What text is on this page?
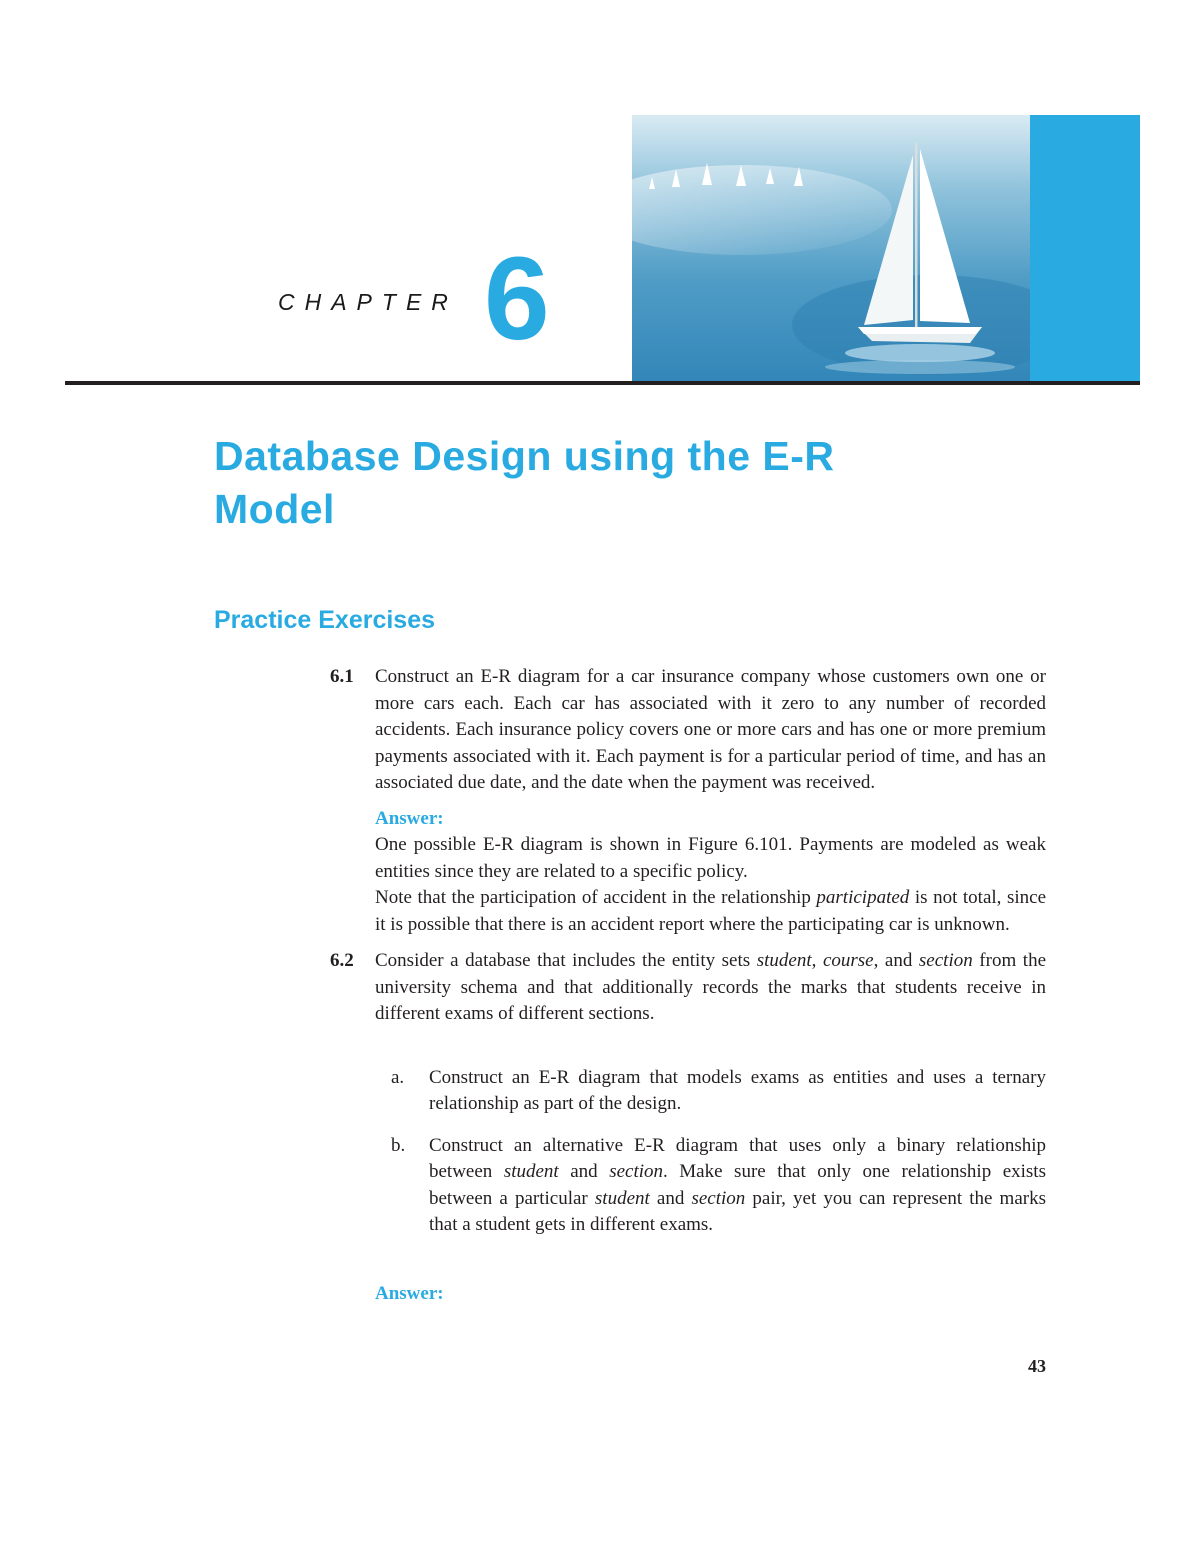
CHAPTER 6
Database Design using the E-R
Model
Practice Exercises
6.1	Construct an E-R diagram for a car insurance company whose customers own one or more cars each. Each car has associated with it zero to any number of recorded accidents. Each insurance policy covers one or more cars and has one or more premium payments associated with it. Each payment is for a particular period of time, and has an associated due date, and the date when the payment was received.

Answer:

One possible E-R diagram is shown in Figure 6.101. Payments are modeled as weak entities since they are related to a specific policy.

Note that the participation of accident in the relationship participated is not total, since it is possible that there is an accident report where the participating car is unknown.

6.2	Consider a database that includes the entity sets student, course, and section from the university schema and that additionally records the marks that students receive in different exams of different sections.

a.	Construct an E-R diagram that models exams as entities and uses a ternary relationship as part of the design.
b.	Construct an alternative E-R diagram that uses only a binary relationship between student and section. Make sure that only one relationship exists between a particular student and section pair, yet you can represent the marks that a student gets in different exams.

Answer:

43
